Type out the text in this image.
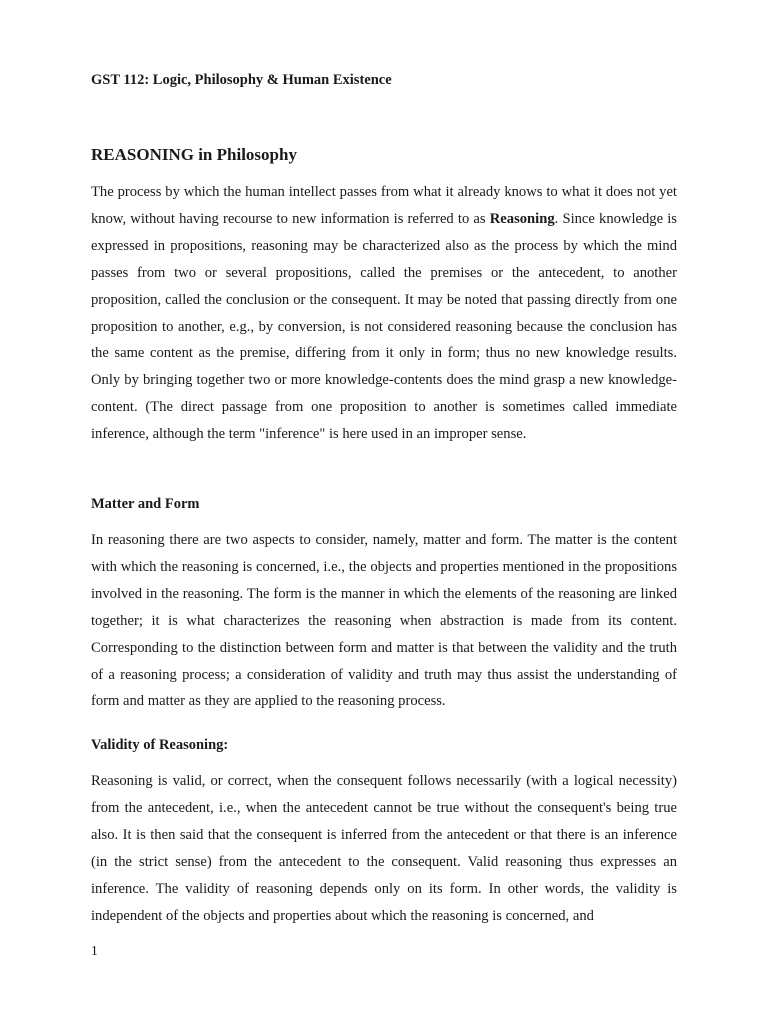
GST 112: Logic, Philosophy & Human Existence

REASONING in Philosophy

The process by which the human intellect passes from what it already knows to what it does not yet know, without having recourse to new information is referred to as Reasoning. Since knowledge is expressed in propositions, reasoning may be characterized also as the process by which the mind passes from two or several propositions, called the premises or the antecedent, to another proposition, called the conclusion or the consequent. It may be noted that passing directly from one proposition to another, e.g., by conversion, is not considered reasoning because the conclusion has the same content as the premise, differing from it only in form; thus no new knowledge results. Only by bringing together two or more knowledge-contents does the mind grasp a new knowledge-content. (The direct passage from one proposition to another is sometimes called immediate inference, although the term "inference" is here used in an improper sense.

Matter and Form

In reasoning there are two aspects to consider, namely, matter and form. The matter is the content with which the reasoning is concerned, i.e., the objects and properties mentioned in the propositions involved in the reasoning. The form is the manner in which the elements of the reasoning are linked together; it is what characterizes the reasoning when abstraction is made from its content. Corresponding to the distinction between form and matter is that between the validity and the truth of a reasoning process; a consideration of validity and truth may thus assist the understanding of form and matter as they are applied to the reasoning process.

Validity of Reasoning:

Reasoning is valid, or correct, when the consequent follows necessarily (with a logical necessity) from the antecedent, i.e., when the antecedent cannot be true without the consequent's being true also. It is then said that the consequent is inferred from the antecedent or that there is an inference (in the strict sense) from the antecedent to the consequent. Valid reasoning thus expresses an inference. The validity of reasoning depends only on its form. In other words, the validity is independent of the objects and properties about which the reasoning is concerned, and

1
